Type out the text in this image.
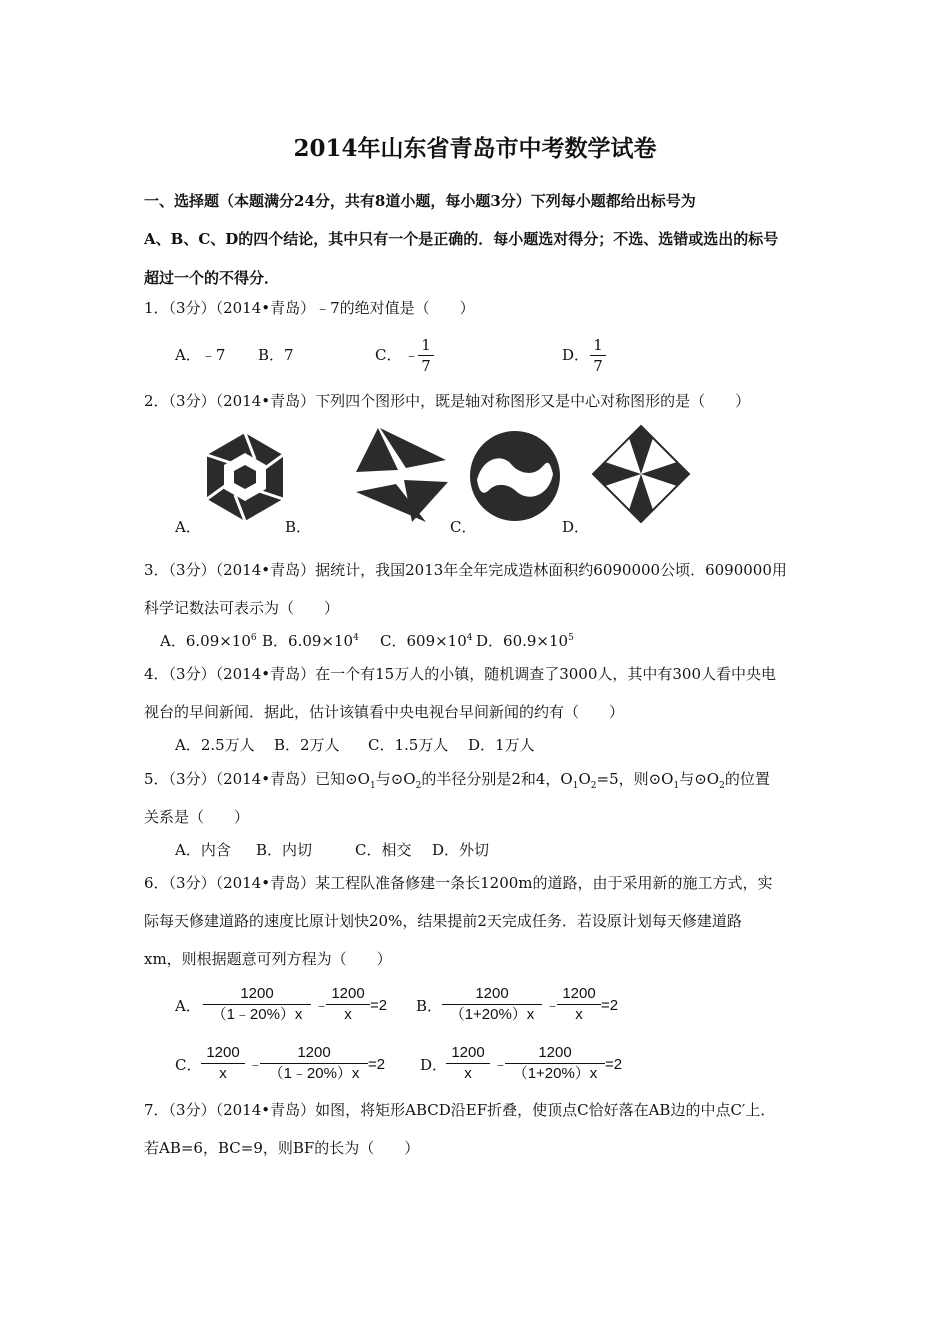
2014年山东省青岛市中考数学试卷
一、选择题（本题满分24分，共有8道小题，每小题3分）下列每小题都给出标号为
A、B、C、D的四个结论，其中只有一个是正确的．每小题选对得分；不选、选错或选出的标号
超过一个的不得分．
1．（3分）（2014•青岛）﹣7的绝对值是（　　）
A．﹣7 B．7	C． ﹣
1
7
D．
1
7
2．（3分）（2014•青岛）下列四个图形中，既是轴对称图形又是中心对称图形的是（　　）
A．	B．	C．	D．
3．（3分）（2014•青岛）据统计，我国2013年全年完成造林面积约6090000公顷．6090000用
科学记数法可表示为（　　）
A．$6.09\times 10^6$ B．$6.09\times 10^4$ C．$609\times 10^4$ D．$60.9\times 10^5$
4．（3分）（2014•青岛）在一个有15万人的小镇，随机调查了3000人，其中有300人看中央电
视台的早间新闻．据此，估计该镇看中央电视台早间新闻的约有（　　）
A．2.5万人 B．2万人 C．1.5万人 D．1万人
5．（3分）（2014•青岛）已知$⊙O_1$与$⊙O_2$的半径分别是2和4，$O_1O_2=5$，则$⊙O_1$与$⊙O_2$的位置
关系是（　　）
A．内含 B．内切	C．相交 D．外切
6．（3分）（2014•青岛）某工程队准备修建一条长1200m的道路，由于采用新的施工方式，实
际每天修建道路的速度比原计划快20%，结果提前2天完成任务．若设原计划每天修建道路
xm，则根据题意可列方程为（　　）
A．
1200
（1﹣20%）x
﹣
1200
x
=2 B．
1200
（1+20%）x
﹣
1200
x
=2
C．
1200
x
﹣
1200
（1﹣20%）x
=2 D．
1200
x
﹣
1200
（1+20%）x
=2
7．（3分）（2014•青岛）如图，将矩形ABCD沿EF折叠，使顶点C恰好落在AB边的中点C′上．
若AB=6，BC=9，则BF的长为（　　）
